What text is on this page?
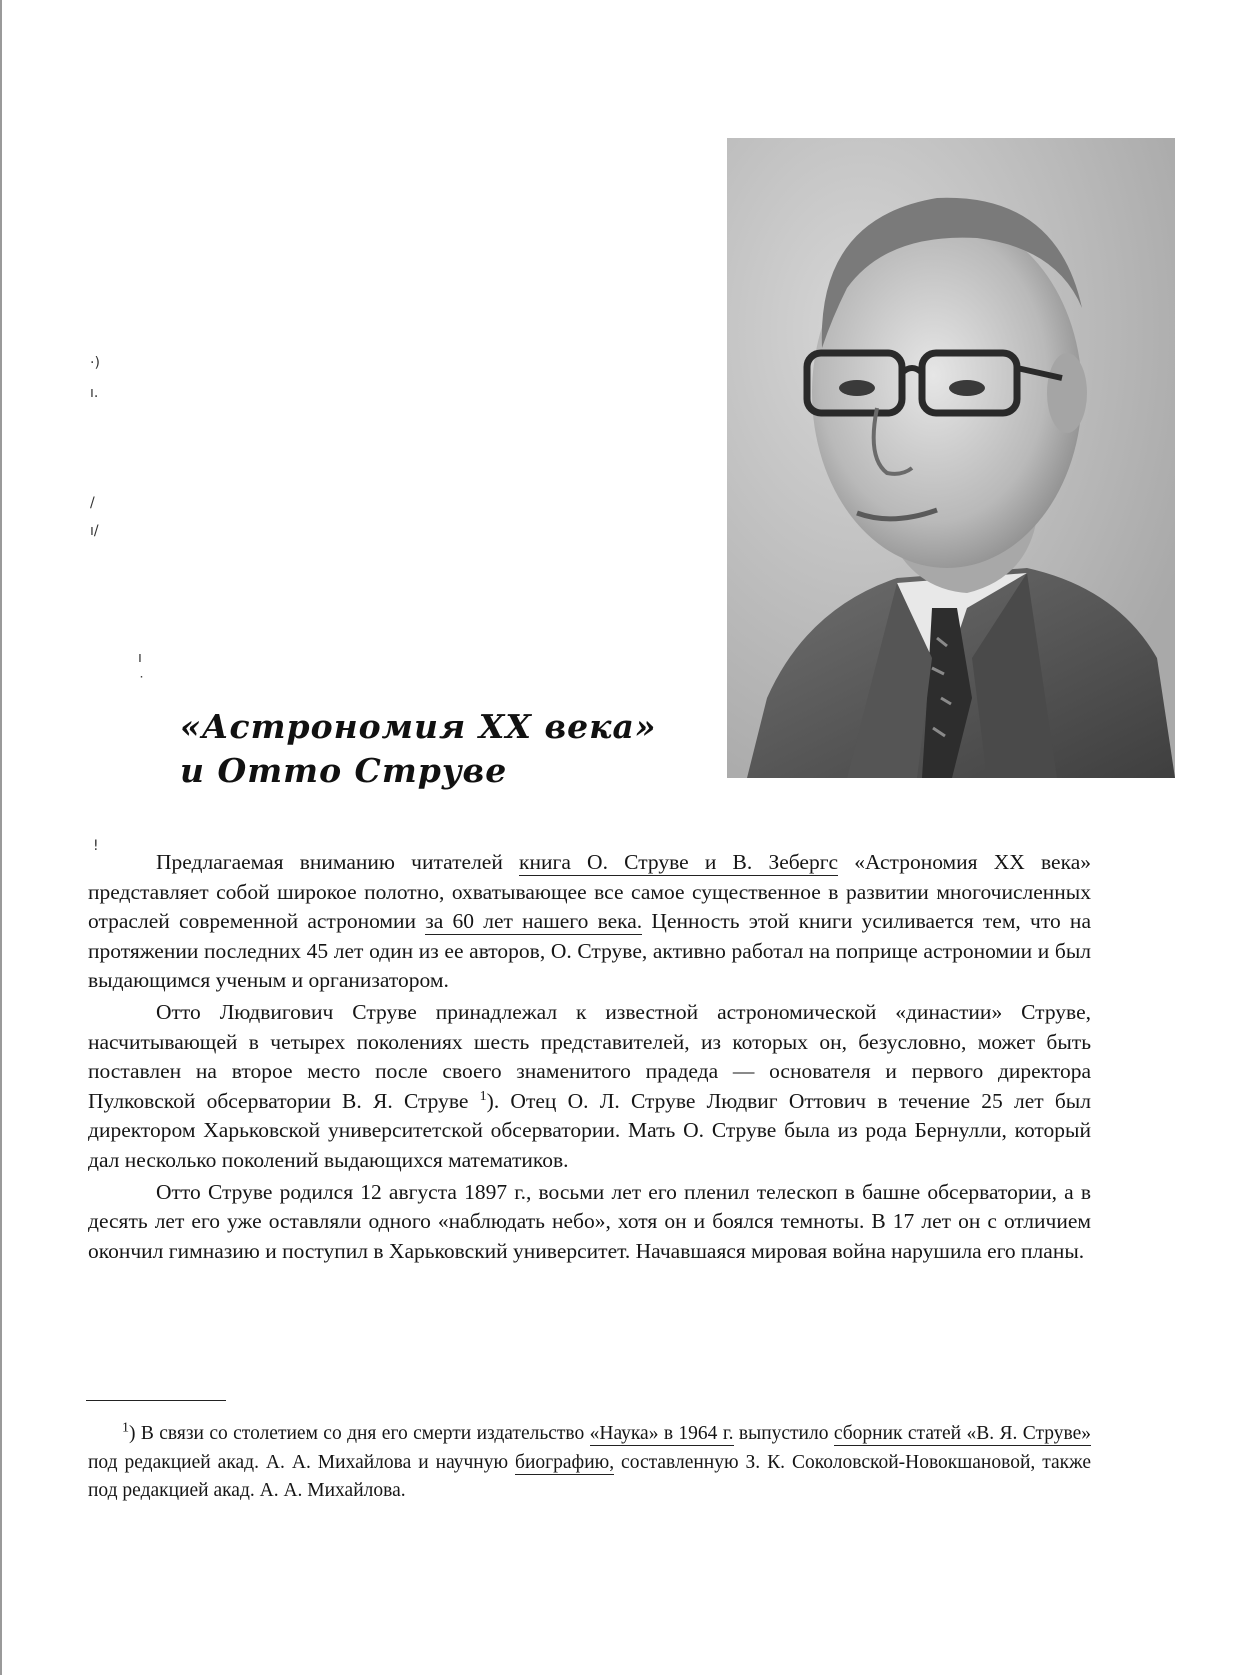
·)
ı.
/
ı/
ı
˙
!
«Астрономия XX века»
и Отто Струве

Предлагаемая вниманию читателей книга О. Струве и В. Зебергс «Астрономия XX века» представляет собой широкое полотно, охватывающее все самое существенное в развитии многочисленных отраслей современной астрономии за 60 лет нашего века. Ценность этой книги усиливается тем, что на протяжении последних 45 лет один из ее авторов, О. Струве, активно работал на поприще астрономии и был выдающимся ученым и организатором.

Отто Людвигович Струве принадлежал к известной астрономической «династии» Струве, насчитывающей в четырех поколениях шесть представителей, из которых он, безусловно, может быть поставлен на второе место после своего знаменитого прадеда — основателя и первого директора Пулковской обсерватории В. Я. Струве $^1$). Отец О. Л. Струве Людвиг Оттович в течение 25 лет был директором Харьковской университетской обсерватории. Мать О. Струве была из рода Бернулли, который дал несколько поколений выдающихся математиков.

Отто Струве родился 12 августа 1897 г., восьми лет его пленил телескоп в башне обсерватории, а в десять лет его уже оставляли одного «наблюдать небо», хотя он и боялся темноты. В 17 лет он с отличием окончил гимназию и поступил в Харьковский университет. Начавшаяся мировая война нарушила его планы.

$^1$) В связи со столетием со дня его смерти издательство «Наука» в 1964 г. выпустило сборник статей «В. Я. Струве» под редакцией акад. А. А. Михайлова и научную биографию, составленную З. К. Соколовской-Новокшановой, также под редакцией акад. А. А. Михайлова.
